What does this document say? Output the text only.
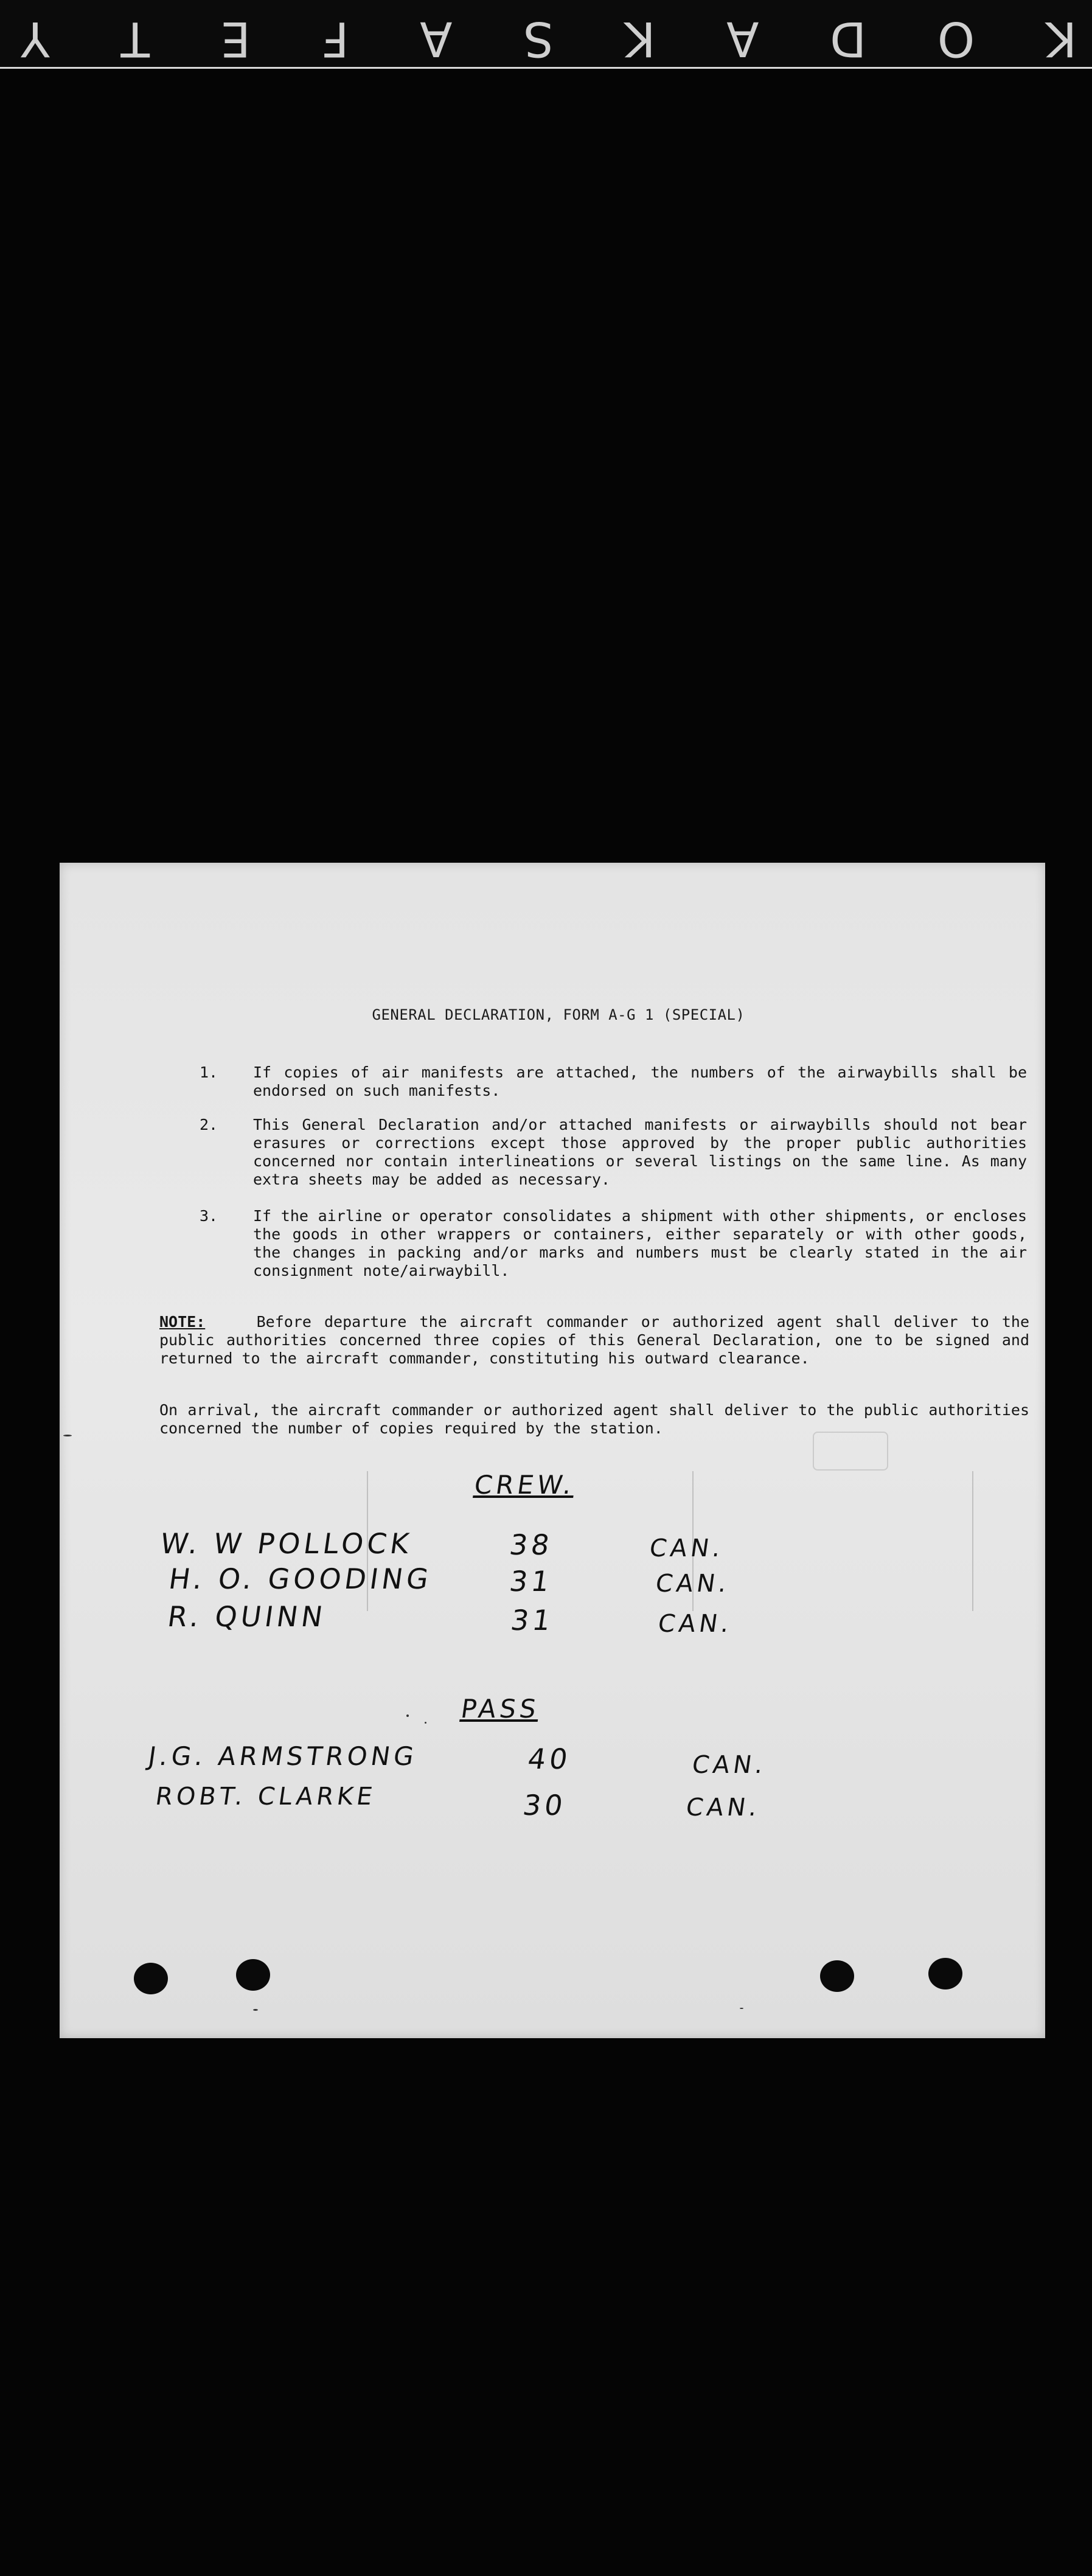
K
O
D
A
K
S
A
F
E
T
Y
GENERAL DECLARATION, FORM A-G 1 (SPECIAL)
1. If copies of air manifests are attached, the numbers of the airwaybills shall be endorsed on such manifests.
2. This General Declaration and/or attached manifests or airwaybills should not bear erasures or corrections except those approved by the proper public authorities concerned nor contain interlineations or several listings on the same line. As many extra sheets may be added as necessary.
3. If the airline or operator consolidates a shipment with other shipments, or encloses the goods in other wrappers or containers, either separately or with other goods, the changes in packing and/or marks and numbers must be clearly stated in the air consignment note/airwaybill.
NOTE:	Before departure the aircraft commander or authorized agent shall deliver to the public authorities concerned three copies of this General Declaration, one to be signed and returned to the aircraft commander, constituting his outward clearance.
On arrival, the aircraft commander or authorized agent shall deliver to the public authorities concerned the number of copies required by the station.
CREW.
W. W POLLOCK	38	CAN.
H. O. GOODING	31	CAN.
R. QUINN	31	CAN.
PASS
J.G. ARMSTRONG	40	CAN.
ROBT. CLARKE	30	CAN.
